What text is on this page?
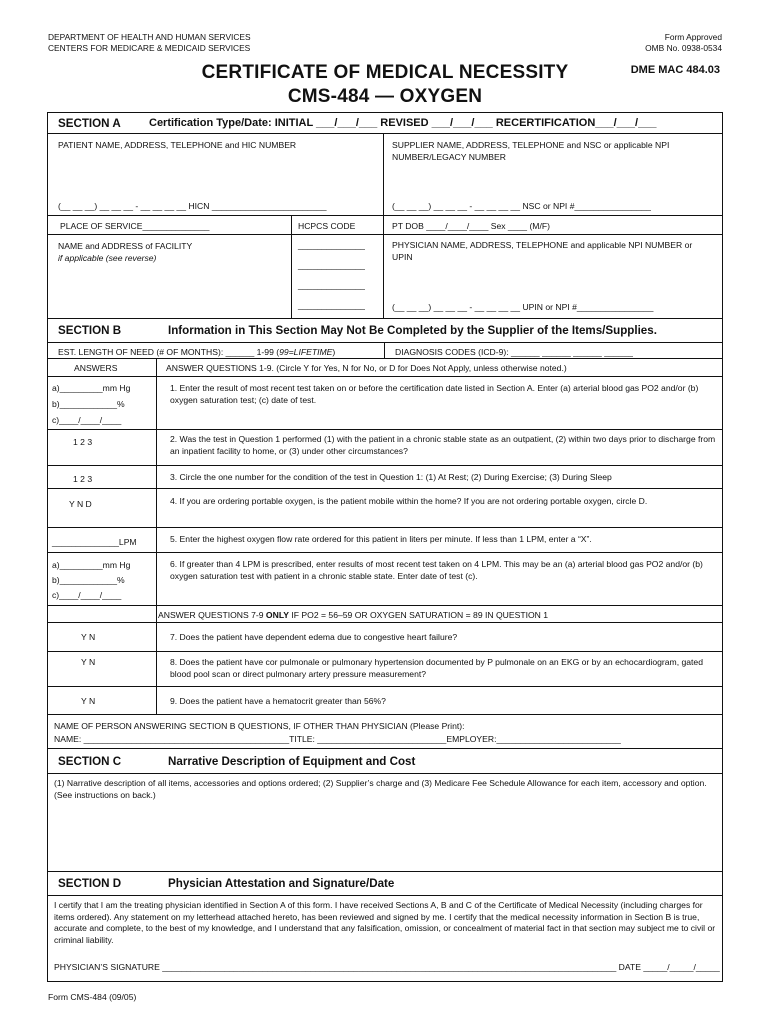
DEPARTMENT OF HEALTH AND HUMAN SERVICES
CENTERS FOR MEDICARE & MEDICAID SERVICES
Form Approved
OMB No. 0938-0534
CERTIFICATE OF MEDICAL NECESSITY
CMS-484 — OXYGEN
DME MAC 484.03
SECTION A	Certification Type/Date: INITIAL ___/___/___ REVISED ___/___/___ RECERTIFICATION___/___/___
PATIENT NAME, ADDRESS, TELEPHONE and HIC NUMBER	SUPPLIER NAME, ADDRESS, TELEPHONE and NSC or applicable NPI NUMBER/LEGACY NUMBER
(__ __ __) __ __ __ - __ __ __ __ HICN ________________________	(__ __ __) __ __ __ - __ __ __ __ NSC or NPI #________________
PLACE OF SERVICE______________	HCPCS CODE	PT DOB ____/____/____ Sex ____ (M/F)
NAME and ADDRESS of FACILITY
if applicable (see reverse)
______________
______________
______________
______________
PHYSICIAN NAME, ADDRESS, TELEPHONE and applicable NPI NUMBER or UPIN
(__ __ __) __ __ __ - __ __ __ __ UPIN or NPI #________________
SECTION B	Information in This Section May Not Be Completed by the Supplier of the Items/Supplies.
EST. LENGTH OF NEED (# OF MONTHS): ______ 1-99 (99=LIFETIME)	DIAGNOSIS CODES (ICD-9): ______ ______ ______ ______
ANSWERS	ANSWER QUESTIONS 1-9. (Circle Y for Yes, N for No, or D for Does Not Apply, unless otherwise noted.)
a)_________mm Hg
b)____________%
c)____/____/____
1. Enter the result of most recent test taken on or before the certification date listed in Section A. Enter (a) arterial blood gas PO2 and/or (b) oxygen saturation test; (c) date of test.
1 2 3	2. Was the test in Question 1 performed (1) with the patient in a chronic stable state as an outpatient, (2) within two days prior to discharge from an inpatient facility to home, or (3) under other circumstances?
1 2 3	3. Circle the one number for the condition of the test in Question 1: (1) At Rest; (2) During Exercise; (3) During Sleep
Y N D	4. If you are ordering portable oxygen, is the patient mobile within the home? If you are not ordering portable oxygen, circle D.
______________LPM	5. Enter the highest oxygen flow rate ordered for this patient in liters per minute. If less than 1 LPM, enter a “X”.
a)_________mm Hg
b)____________%
c)____/____/____
6. If greater than 4 LPM is prescribed, enter results of most recent test taken on 4 LPM. This may be an (a) arterial blood gas PO2 and/or (b) oxygen saturation test with patient in a chronic stable state. Enter date of test (c).
ANSWER QUESTIONS 7-9 ONLY IF PO2 = 56–59 OR OXYGEN SATURATION = 89 IN QUESTION 1
Y N	7. Does the patient have dependent edema due to congestive heart failure?
Y N	8. Does the patient have cor pulmonale or pulmonary hypertension documented by P pulmonale on an EKG or by an echocardiogram, gated blood pool scan or direct pulmonary artery pressure measurement?
Y N	9. Does the patient have a hematocrit greater than 56%?
NAME OF PERSON ANSWERING SECTION B QUESTIONS, IF OTHER THAN PHYSICIAN (Please Print):
NAME: ___________________________________________TITLE: ___________________________EMPLOYER:__________________________
SECTION C	Narrative Description of Equipment and Cost
(1) Narrative description of all items, accessories and options ordered; (2) Supplier’s charge and (3) Medicare Fee Schedule Allowance for each item, accessory and option. (See instructions on back.)
SECTION D	Physician Attestation and Signature/Date
I certify that I am the treating physician identified in Section A of this form. I have received Sections A, B and C of the Certificate of Medical Necessity (including charges for items ordered). Any statement on my letterhead attached hereto, has been reviewed and signed by me. I certify that the medical necessity information in Section B is true, accurate and complete, to the best of my knowledge, and I understand that any falsification, omission, or concealment of material fact in that section may subject me to civil or criminal liability.
PHYSICIAN’S SIGNATURE _______________________________________________________________________________________________ DATE _____/_____/_____
Form CMS-484 (09/05)
